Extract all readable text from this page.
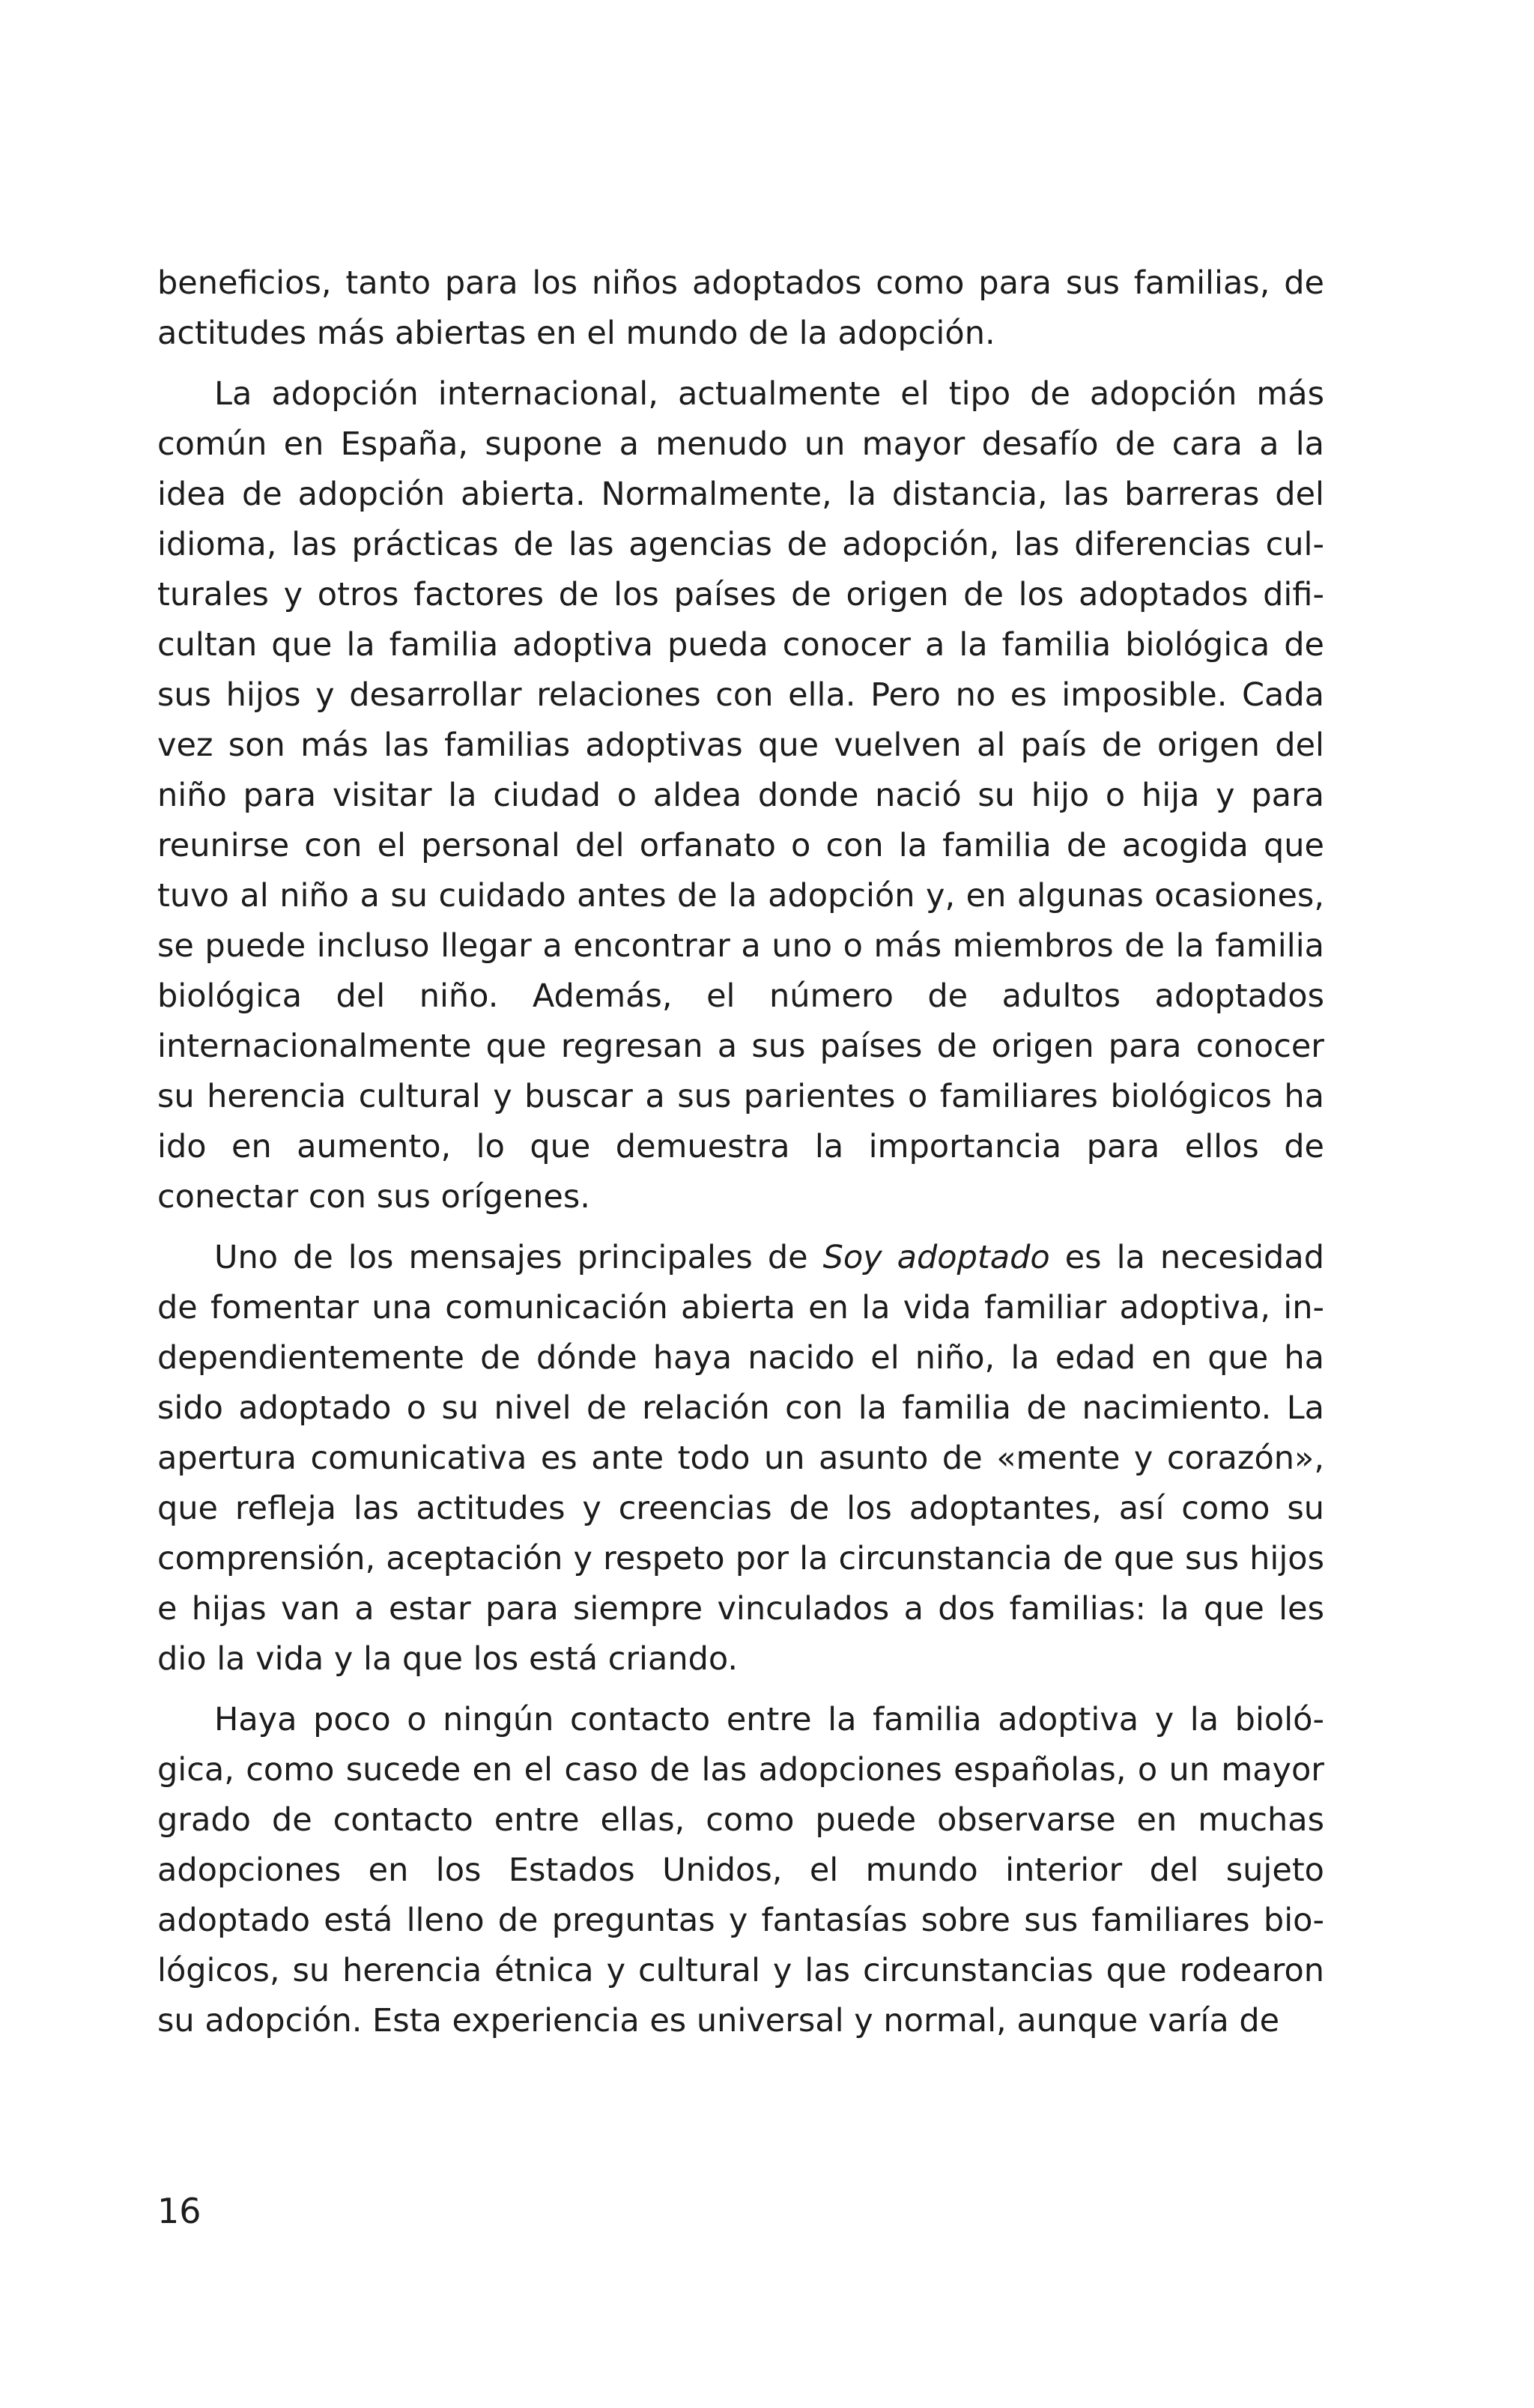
beneficios, tanto para los niños adoptados como para sus familias, de actitudes más abiertas en el mundo de la adopción.

La adopción internacional, actualmente el tipo de adopción más común en España, supone a menudo un mayor desafío de cara a la idea de adopción abierta. Normalmente, la distancia, las barreras del idioma, las prácticas de las agencias de adopción, las diferencias culturales y otros factores de los países de origen de los adoptados dificultan que la familia adoptiva pueda conocer a la familia biológica de sus hijos y desarrollar relaciones con ella. Pero no es imposible. Cada vez son más las familias adoptivas que vuelven al país de origen del niño para visitar la ciudad o aldea donde nació su hijo o hija y para reunirse con el personal del orfanato o con la familia de acogida que tuvo al niño a su cuidado antes de la adopción y, en algunas ocasiones, se puede incluso llegar a encontrar a uno o más miembros de la familia biológica del niño. Además, el número de adultos adoptados internacionalmente que regresan a sus países de origen para conocer su herencia cultural y buscar a sus parientes o familiares biológicos ha ido en aumento, lo que demuestra la importancia para ellos de conectar con sus orígenes.

Uno de los mensajes principales de Soy adoptado es la necesidad de fomentar una comunicación abierta en la vida familiar adoptiva, independientemente de dónde haya nacido el niño, la edad en que ha sido adoptado o su nivel de relación con la familia de nacimiento. La apertura comunicativa es ante todo un asunto de «mente y corazón», que refleja las actitudes y creencias de los adoptantes, así como su comprensión, aceptación y respeto por la circunstancia de que sus hijos e hijas van a estar para siempre vinculados a dos familias: la que les dio la vida y la que los está criando.

Haya poco o ningún contacto entre la familia adoptiva y la biológica, como sucede en el caso de las adopciones españolas, o un mayor grado de contacto entre ellas, como puede observarse en muchas adopciones en los Estados Unidos, el mundo interior del sujeto adoptado está lleno de preguntas y fantasías sobre sus familiares biológicos, su herencia étnica y cultural y las circunstancias que rodearon su adopción. Esta experiencia es universal y normal, aunque varía de

16
